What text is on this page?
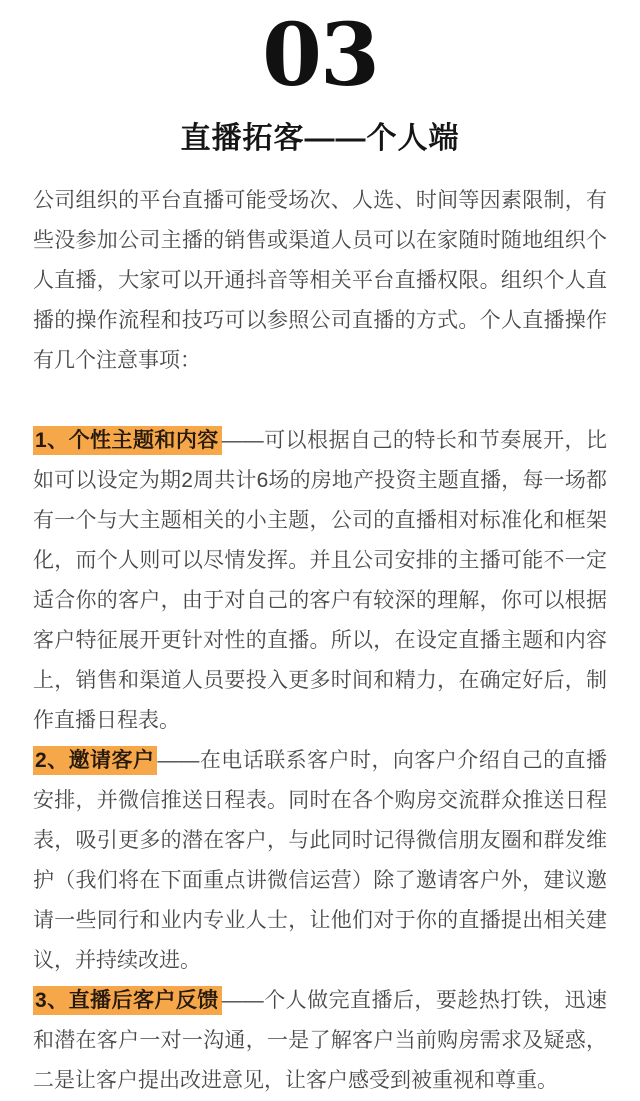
03
直播拓客——个人端

公司组织的平台直播可能受场次、人选、时间等因素限制，有些没参加公司主播的销售或渠道人员可以在家随时随地组织个人直播，大家可以开通抖音等相关平台直播权限。组织个人直播的操作流程和技巧可以参照公司直播的方式。个人直播操作有几个注意事项：

1、个性主题和内容 ——可以根据自己的特长和节奏展开，比如可以设定为期2周共计6场的房地产投资主题直播，每一场都有一个与大主题相关的小主题，公司的直播相对标准化和框架化，而个人则可以尽情发挥。并且公司安排的主播可能不一定适合你的客户，由于对自己的客户有较深的理解，你可以根据客户特征展开更针对性的直播。所以，在设定直播主题和内容上，销售和渠道人员要投入更多时间和精力，在确定好后，制作直播日程表。

2、邀请客户 ——在电话联系客户时，向客户介绍自己的直播安排，并微信推送日程表。同时在各个购房交流群众推送日程表，吸引更多的潜在客户，与此同时记得微信朋友圈和群发维护（我们将在下面重点讲微信运营）除了邀请客户外，建议邀请一些同行和业内专业人士，让他们对于你的直播提出相关建议，并持续改进。

3、直播后客户反馈 ——个人做完直播后，要趁热打铁，迅速和潜在客户一对一沟通，一是了解客户当前购房需求及疑惑，二是让客户提出改进意见，让客户感受到被重视和尊重。
